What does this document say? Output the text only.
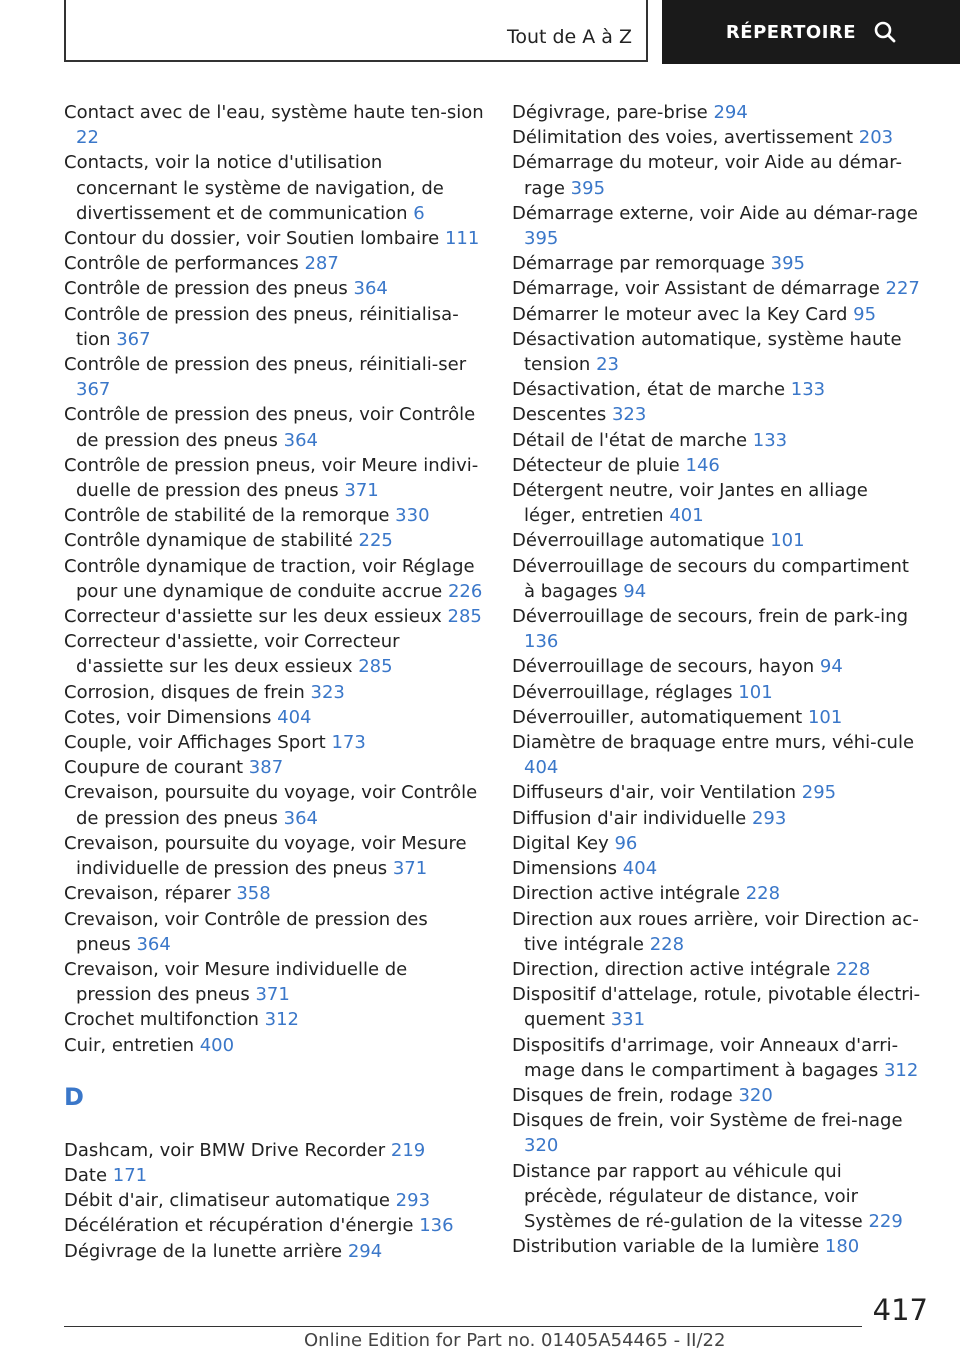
Tout de A à Z	RÉPERTOIRE

Contact avec de l'eau, système haute ten-sion 22

Contacts, voir la notice d'utilisation concernant le système de navigation, de divertissement et de communication 6

Contour du dossier, voir Soutien lombaire 111

Contrôle de performances 287

Contrôle de pression des pneus 364

Contrôle de pression des pneus, réinitialisa-tion 367

Contrôle de pression des pneus, réinitiali-ser 367

Contrôle de pression des pneus, voir Contrôle de pression des pneus 364

Contrôle de pression pneus, voir Meure indivi-duelle de pression des pneus 371

Contrôle de stabilité de la remorque 330

Contrôle dynamique de stabilité 225

Contrôle dynamique de traction, voir Réglage pour une dynamique de conduite accrue 226

Correcteur d'assiette sur les deux essieux 285

Correcteur d'assiette, voir Correcteur d'assiette sur les deux essieux 285

Corrosion, disques de frein 323

Cotes, voir Dimensions 404

Couple, voir Affichages Sport 173

Coupure de courant 387

Crevaison, poursuite du voyage, voir Contrôle de pression des pneus 364

Crevaison, poursuite du voyage, voir Mesure individuelle de pression des pneus 371

Crevaison, réparer 358

Crevaison, voir Contrôle de pression des pneus 364

Crevaison, voir Mesure individuelle de pression des pneus 371

Crochet multifonction 312

Cuir, entretien 400

D

Dashcam, voir BMW Drive Recorder 219

Date 171

Débit d'air, climatiseur automatique 293

Décélération et récupération d'énergie 136

Dégivrage de la lunette arrière 294

Dégivrage, pare-brise 294

Délimitation des voies, avertissement 203

Démarrage du moteur, voir Aide au démar-rage 395

Démarrage externe, voir Aide au démar-rage 395

Démarrage par remorquage 395

Démarrage, voir Assistant de démarrage 227

Démarrer le moteur avec la Key Card 95

Désactivation automatique, système haute tension 23

Désactivation, état de marche 133

Descentes 323

Détail de l'état de marche 133

Détecteur de pluie 146

Détergent neutre, voir Jantes en alliage léger, entretien 401

Déverrouillage automatique 101

Déverrouillage de secours du compartiment à bagages 94

Déverrouillage de secours, frein de park-ing 136

Déverrouillage de secours, hayon 94

Déverrouillage, réglages 101

Déverrouiller, automatiquement 101

Diamètre de braquage entre murs, véhi-cule 404

Diffuseurs d'air, voir Ventilation 295

Diffusion d'air individuelle 293

Digital Key 96

Dimensions 404

Direction active intégrale 228

Direction aux roues arrière, voir Direction ac-tive intégrale 228

Direction, direction active intégrale 228

Dispositif d'attelage, rotule, pivotable électri-quement 331

Dispositifs d'arrimage, voir Anneaux d'arri-mage dans le compartiment à bagages 312

Disques de frein, rodage 320

Disques de frein, voir Système de frei-nage 320

Distance par rapport au véhicule qui précède, régulateur de distance, voir Systèmes de ré-gulation de la vitesse 229

Distribution variable de la lumière 180

417
Online Edition for Part no. 01405A54465 - II/22
